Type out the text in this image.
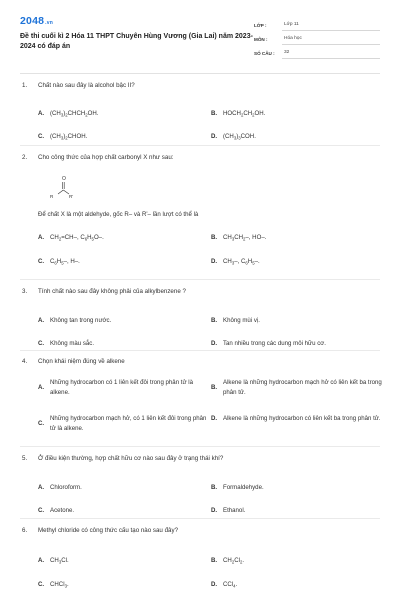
2048.vn
Đề thi cuối kì 2 Hóa 11 THPT Chuyên Hùng Vương (Gia Lai) năm 2023-2024 có đáp án
LỚP :	Lớp 11
MÔN :	Hóa học
SỐ CÂU :	32
1.	Chất nào sau đây là alcohol bậc II?
A. $(CH_3)_2CHCH_2OH$.	B. $HOCH_2CH_2OH$.
C. $(CH_3)_2CHOH$.	D. $(CH_3)_3COH$.
2.	Cho công thức của hợp chất carbonyl X như sau:
O
R	R'
Để chất X là một aldehyde, gốc R– và R'– lần lượt có thể là
A. $CH_2=CH-$, $C_6H_5O-$.	B. $CH_3CH_2-$, HO–.
C. $C_6H_5-$, H–.	D. $CH_3-$, $C_6H_5-$.
3.	Tính chất nào sau đây không phải của alkylbenzene ?
A. Không tan trong nước.	B. Không mùi vị.
C. Không màu sắc.	D. Tan nhiều trong các dung môi hữu cơ.
4.	Chọn khái niệm đúng về alkene
A.
Những hydrocarbon có 1 liên kết đôi trong phân tử là alkene.
B.
Alkene là những hydrocarbon mạch hở có liên kết ba trong phân tử.
C.
Những hydrocarbon mạch hở, có 1 liên kết đôi trong phân tử là alkene.
D. Alkene là những hydrocarbon có liên kết ba trong phân tử.
5.	Ở điều kiện thường, hợp chất hữu cơ nào sau đây ở trạng thái khí?
A. Chloroform.	B. Formaldehyde.
C. Acetone.	D. Ethanol.
6.	Methyl chloride có công thức cấu tạo nào sau đây?
A. $CH_3Cl$.	B. $CH_2Cl_2$.
C. CHCl$_3$.	D. CCl$_4$.
